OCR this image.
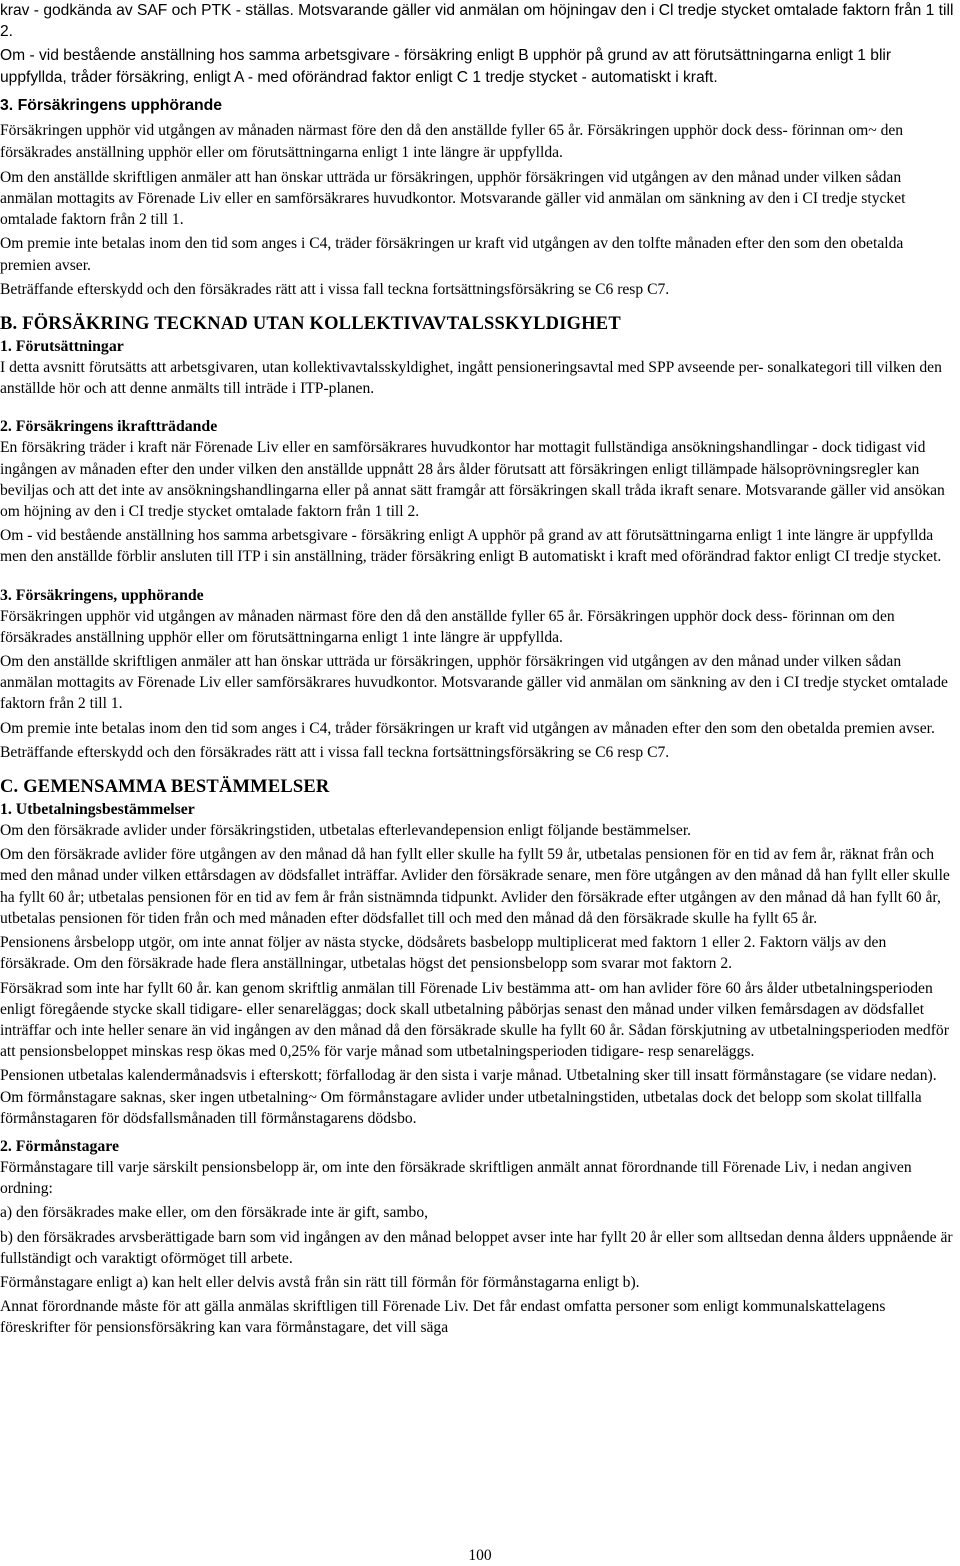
krav - godkända av SAF och PTK - ställas. Motsvarande gäller vid anmälan om höjningav den i Cl tredje stycket omtalade faktorn från 1 till 2.

Om - vid bestående anställning hos samma arbetsgivare - försäkring enligt B upphör på grund av att förutsättningarna enligt 1 blir uppfyllda, tråder försäkring, enligt A - med oförändrad faktor enligt C 1 tredje stycket - automatiskt i kraft.

3. Försäkringens upphörande

Försäkringen upphör vid utgången av månaden närmast före den då den anställde fyller 65 år. Försäkringen upphör dock dess- förinnan om~ den försäkrades anställning upphör eller om förutsättningarna enligt 1 inte längre är uppfyllda.

Om den anställde skriftligen anmäler att han önskar utträda ur försäkringen, upphör försäkringen vid utgången av den månad under vilken sådan anmälan mottagits av Förenade Liv eller en samförsäkrares huvudkontor. Motsvarande gäller vid anmälan om sänkning av den i CI tredje stycket omtalade faktorn från 2 till 1.

Om premie inte betalas inom den tid som anges i C4, träder försäkringen ur kraft vid utgången av den tolfte månaden efter den som den obetalda premien avser.

Beträffande efterskydd och den försäkrades rätt att i vissa fall teckna fortsättningsförsäkring se C6 resp C7.

B. FÖRSÄKRING TECKNAD UTAN KOLLEKTIVAVTALSSKYLDIGHET
1. Förutsättningar

I detta avsnitt förutsätts att arbetsgivaren, utan kollektivavtalsskyldighet, ingått pensioneringsavtal med SPP avseende per- sonalkategori till vilken den anställde hör och att denne anmälts till inträde i ITP-planen.

2. Försäkringens ikraftträdande

En försäkring träder i kraft när Förenade Liv eller en samförsäkrares huvudkontor har mottagit fullständiga ansökningshandlingar - dock tidigast vid ingången av månaden efter den under vilken den anställde uppnått 28 års ålder förutsatt att försäkringen enligt tillämpade hälsoprövningsregler kan beviljas och att det inte av ansökningshandlingarna eller på annat sätt framgår att försäkringen skall tråda ikraft senare. Motsvarande gäller vid ansökan om höjning av den i CI tredje stycket omtalade faktorn från 1 till 2.

Om - vid bestående anställning hos samma arbetsgivare - försäkring enligt A upphör på grand av att förutsättningarna enligt 1 inte längre är uppfyllda men den anställde förblir ansluten till ITP i sin anställning, träder försäkring enligt B automatiskt i kraft med oförändrad faktor enligt CI tredje stycket.

3. Försäkringens, upphörande

Försäkringen upphör vid utgången av månaden närmast före den då den anställde fyller 65 år. Försäkringen upphör dock dess- förinnan om den försäkrades anställning upphör eller om förutsättningarna enligt 1 inte längre är uppfyllda.

Om den anställde skriftligen anmäler att han önskar utträda ur försäkringen, upphör försäkringen vid utgången av den månad under vilken sådan anmälan mottagits av Förenade Liv eller samförsäkrares huvudkontor. Motsvarande gäller vid anmälan om sänkning av den i CI tredje stycket omtalade faktorn från 2 till 1.

Om premie inte betalas inom den tid som anges i C4, tråder försäkringen ur kraft vid utgången av månaden efter den som den obetalda premien avser.

Beträffande efterskydd och den försäkrades rätt att i vissa fall teckna fortsättningsförsäkring se C6 resp C7.

C. GEMENSAMMA BESTÄMMELSER
1. Utbetalningsbestämmelser

Om den försäkrade avlider under försäkringstiden, utbetalas efterlevandepension enligt följande bestämmelser.

Om den försäkrade avlider före utgången av den månad då han fyllt eller skulle ha fyllt 59 år, utbetalas pensionen för en tid av fem år, räknat från och med den månad under vilken ettårsdagen av dödsfallet inträffar. Avlider den försäkrade senare, men före utgången av den månad då han fyllt eller skulle ha fyllt 60 år; utbetalas pensionen för en tid av fem år från sistnämnda tidpunkt. Avlider den försäkrade efter utgången av den månad då han fyllt 60 år, utbetalas pensionen för tiden från och med månaden efter dödsfallet till och med den månad då den försäkrade skulle ha fyllt 65 år.

Pensionens årsbelopp utgör, om inte annat följer av nästa stycke, dödsårets basbelopp multiplicerat med faktorn 1 eller 2. Faktorn väljs av den försäkrade. Om den försäkrade hade flera anställningar, utbetalas högst det pensionsbelopp som svarar mot faktorn 2.

Försäkrad som inte har fyllt 60 år. kan genom skriftlig anmälan till Förenade Liv bestämma att- om han avlider före 60 års ålder utbetalningsperioden enligt föregående stycke skall tidigare- eller senareläggas; dock skall utbetalning påbörjas senast den månad under vilken femårsdagen av dödsfallet inträffar och inte heller senare än vid ingången av den månad då den försäkrade skulle ha fyllt 60 år. Sådan förskjutning av utbetalningsperioden medför att pensionsbeloppet minskas resp ökas med 0,25% för varje månad som utbetalningsperioden tidigare- resp senareläggs.

Pensionen utbetalas kalendermånadsvis i efterskott; förfallodag är den sista i varje månad. Utbetalning sker till insatt förmånstagare (se vidare nedan). Om förmånstagare saknas, sker ingen utbetalning~ Om förmånstagare avlider under utbetalningstiden, utbetalas dock det belopp som skolat tillfalla förmånstagaren för dödsfallsmånaden till förmånstagarens dödsbo.

2. Förmånstagare

Förmånstagare till varje särskilt pensionsbelopp är, om inte den försäkrade skriftligen anmält annat förordnande till Förenade Liv, i nedan angiven ordning:

a) den försäkrades make eller, om den försäkrade inte är gift, sambo,

b) den försäkrades arvsberättigade barn som vid ingången av den månad beloppet avser inte har fyllt 20 år eller som alltsedan denna ålders uppnående är fullständigt och varaktigt oförmöget till arbete.

Förmånstagare enligt a) kan helt eller delvis avstå från sin rätt till förmån för förmånstagarna enligt b).

Annat förordnande måste för att gälla anmälas skriftligen till Förenade Liv. Det får endast omfatta personer som enligt kommunalskattelagens föreskrifter för pensionsförsäkring kan vara förmånstagare, det vill säga

100
